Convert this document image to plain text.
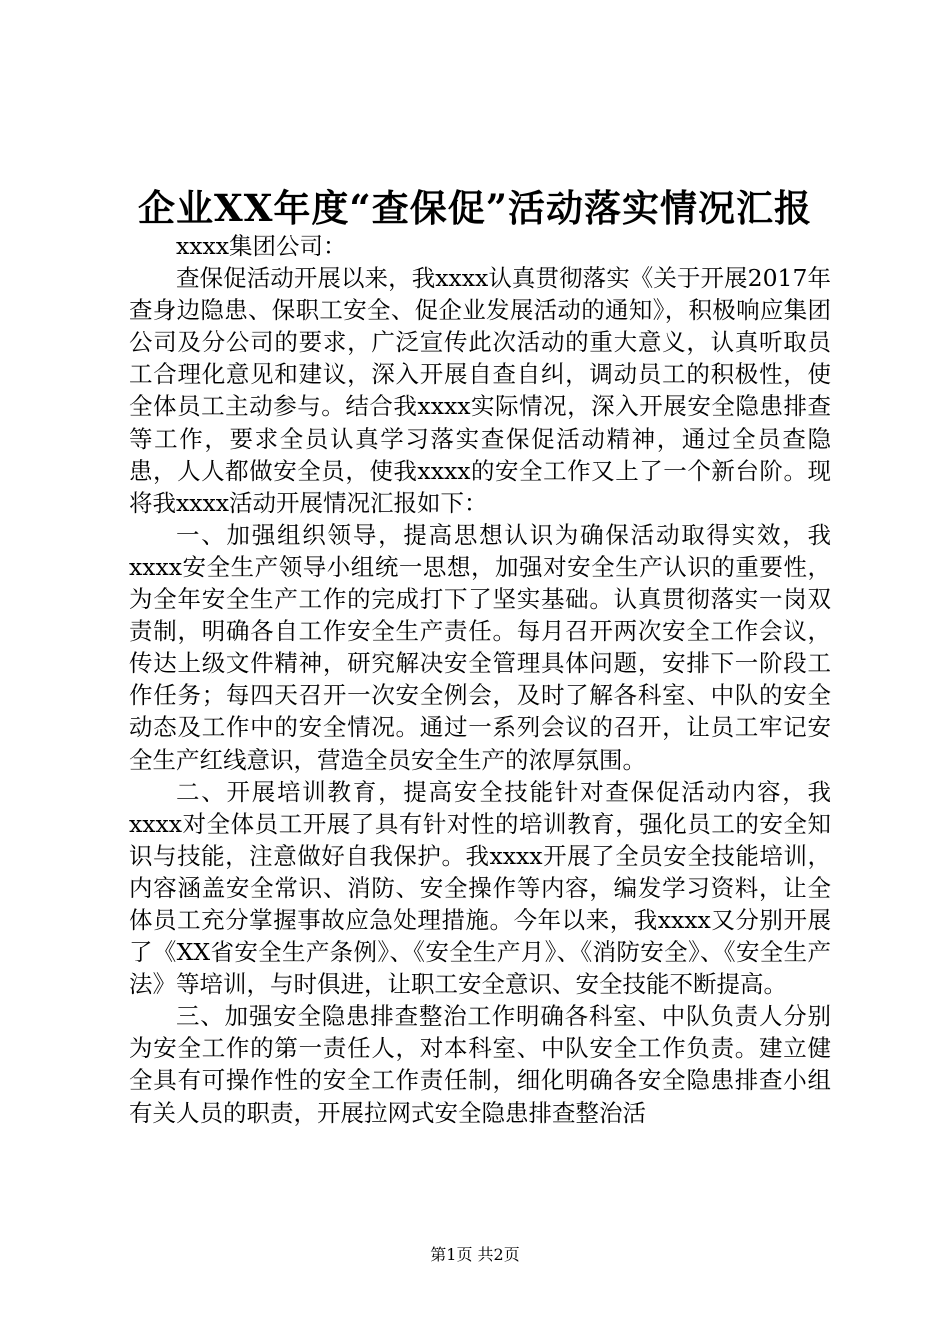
企业XX年度“查保促”活动落实情况汇报

xxxx集团公司：

查保促活动开展以来，我xxxx认真贯彻落实《关于开展2017年查身边隐患、保职工安全、促企业发展活动的通知》，积极响应集团公司及分公司的要求，广泛宣传此次活动的重大意义，认真听取员工合理化意见和建议，深入开展自查自纠，调动员工的积极性，使全体员工主动参与。结合我xxxx实际情况，深入开展安全隐患排查等工作，要求全员认真学习落实查保促活动精神，通过全员查隐患，人人都做安全员，使我xxxx的安全工作又上了一个新台阶。现将我xxxx活动开展情况汇报如下：

一、加强组织领导，提高思想认识为确保活动取得实效，我xxxx安全生产领导小组统一思想，加强对安全生产认识的重要性，为全年安全生产工作的完成打下了坚实基础。认真贯彻落实一岗双责制，明确各自工作安全生产责任。每月召开两次安全工作会议，传达上级文件精神，研究解决安全管理具体问题，安排下一阶段工作任务；每四天召开一次安全例会，及时了解各科室、中队的安全动态及工作中的安全情况。通过一系列会议的召开，让员工牢记安全生产红线意识，营造全员安全生产的浓厚氛围。

二、开展培训教育，提高安全技能针对查保促活动内容，我xxxx对全体员工开展了具有针对性的培训教育，强化员工的安全知识与技能，注意做好自我保护。我xxxx开展了全员安全技能培训，内容涵盖安全常识、消防、安全操作等内容，编发学习资料，让全体员工充分掌握事故应急处理措施。今年以来，我xxxx又分别开展了《XX省安全生产条例》、《安全生产月》、《消防安全》、《安全生产法》等培训，与时俱进，让职工安全意识、安全技能不断提高。

三、加强安全隐患排查整治工作明确各科室、中队负责人分别为安全工作的第一责任人，对本科室、中队安全工作负责。建立健全具有可操作性的安全工作责任制，细化明确各安全隐患排查小组有关人员的职责，开展拉网式安全隐患排查整治活

第1页 共2页
